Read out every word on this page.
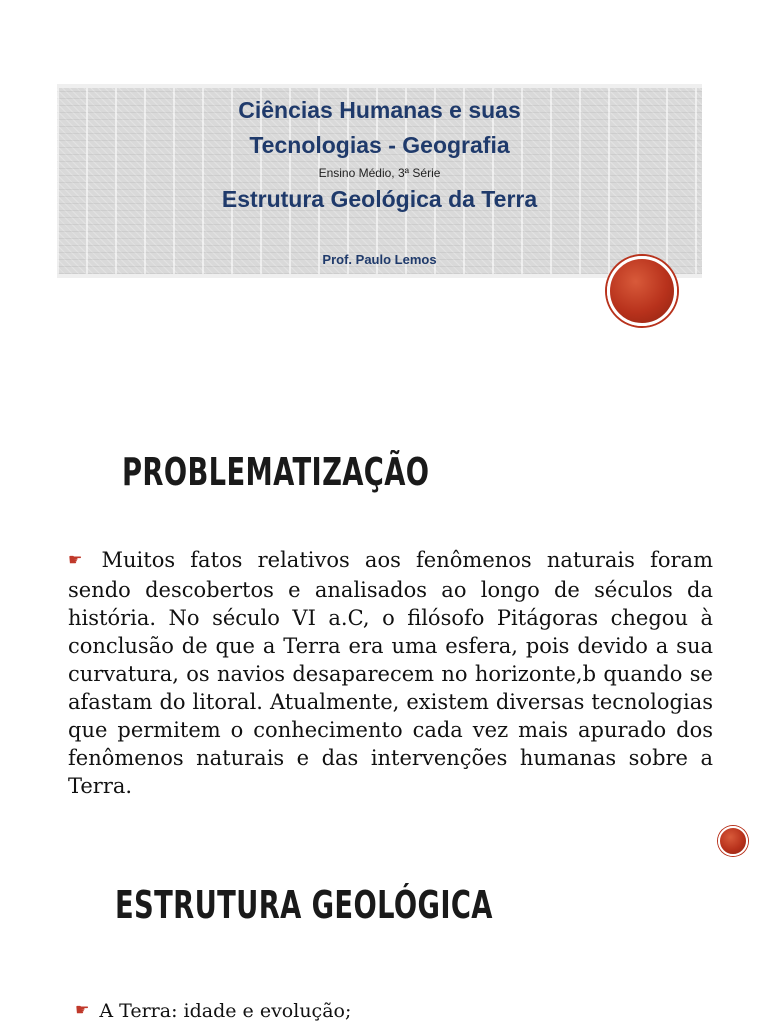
Ciências Humanas e suas
Tecnologias - Geografia
Ensino Médio, 3ª Série
Estrutura Geológica da Terra
Prof. Paulo Lemos
PROBLEMATIZAÇÃO
☛ Muitos fatos relativos aos fenômenos naturais foram sendo descobertos e analisados ao longo de séculos da história. No século VI a.C, o filósofo Pitágoras chegou à conclusão de que a Terra era uma esfera, pois devido a sua curvatura, os navios desaparecem no horizonte,b quando se afastam do litoral. Atualmente, existem diversas tecnologias que permitem o conhecimento cada vez mais apurado dos fenômenos naturais e das intervenções humanas sobre a Terra.
ESTRUTURA GEOLÓGICA
☛ A Terra: idade e evolução;
